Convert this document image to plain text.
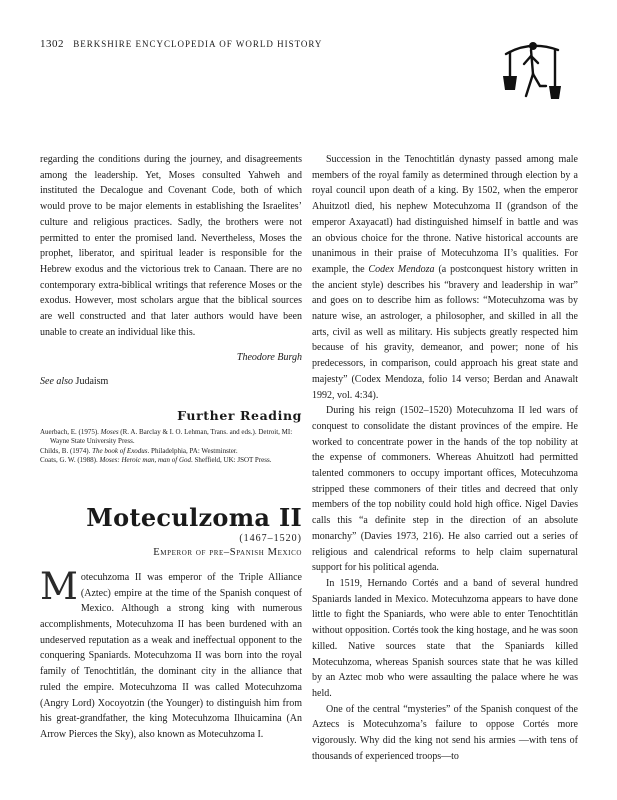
1302 BERKSHIRE ENCYCLOPEDIA OF WORLD HISTORY

regarding the conditions during the journey, and disagreements among the leadership. Yet, Moses consulted Yahweh and instituted the Decalogue and Covenant Code, both of which would prove to be major elements in establishing the Israelites’ culture and religious practices. Sadly, the brothers were not permitted to enter the promised land. Nevertheless, Moses the prophet, liberator, and spiritual leader is responsible for the Hebrew exodus and the victorious trek to Canaan. There are no contemporary extra-biblical writings that reference Moses or the exodus. However, most scholars argue that the biblical sources are well constructed and that later authors would have been unable to create an individual like this.

Theodore Burgh

See also Judaism

Further Reading

Auerbach, E. (1975). Moses (R. A. Barclay & I. O. Lehman, Trans. and eds.). Detroit, MI: Wayne State University Press.

Childs, B. (1974). The book of Exodus. Philadelphia, PA: Westminster.

Coats, G. W. (1988). Moses: Heroic man, man of God. Sheffield, UK: JSOT Press.

Moteculzoma II

(1467–1520)

Emperor of pre–Spanish Mexico

Motecuhzoma II was emperor of the Triple Alliance (Aztec) empire at the time of the Spanish conquest of Mexico. Although a strong king with numerous accomplishments, Motecuhzoma II has been burdened with an undeserved reputation as a weak and ineffectual opponent to the conquering Spaniards. Motecuhzoma II was born into the royal family of Tenochtitlán, the dominant city in the alliance that ruled the empire. Motecuhzoma II was called Motecuhzoma (Angry Lord) Xocoyotzin (the Younger) to distinguish him from his great-grandfather, the king Motecuhzoma Ilhuicamina (An Arrow Pierces the Sky), also known as Motecuhzoma I.

Succession in the Tenochtitlán dynasty passed among male members of the royal family as determined through election by a royal council upon death of a king. By 1502, when the emperor Ahuitzotl died, his nephew Motecuhzoma II (grandson of the emperor Axayacatl) had distinguished himself in battle and was an obvious choice for the throne. Native historical accounts are unanimous in their praise of Motecuhzoma II’s qualities. For example, the Codex Mendoza (a postconquest history written in the ancient style) describes his “bravery and leadership in war” and goes on to describe him as follows: “Motecuhzoma was by nature wise, an astrologer, a philosopher, and skilled in all the arts, civil as well as military. His subjects greatly respected him because of his gravity, demeanor, and power; none of his predecessors, in comparison, could approach his great state and majesty” (Codex Mendoza, folio 14 verso; Berdan and Anawalt 1992, vol. 4:34).

During his reign (1502–1520) Motecuhzoma II led wars of conquest to consolidate the distant provinces of the empire. He worked to concentrate power in the hands of the top nobility at the expense of commoners. Whereas Ahuitzotl had permitted talented commoners to occupy important offices, Motecuhzoma stripped these commoners of their titles and decreed that only members of the top nobility could hold high office. Nigel Davies calls this “a definite step in the direction of an absolute monarchy” (Davies 1973, 216). He also carried out a series of religious and calendrical reforms to help claim supernatural support for his political agenda.

In 1519, Hernando Cortés and a band of several hundred Spaniards landed in Mexico. Motecuhzoma appears to have done little to fight the Spaniards, who were able to enter Tenochtitlán without opposition. Cortés took the king hostage, and he was soon killed. Native sources state that the Spaniards killed Motecuhzoma, whereas Spanish sources state that he was killed by an Aztec mob who were assaulting the palace where he was held.

One of the central “mysteries” of the Spanish conquest of the Aztecs is Motecuhzoma’s failure to oppose Cortés more vigorously. Why did the king not send his armies —with tens of thousands of experienced troops—to
